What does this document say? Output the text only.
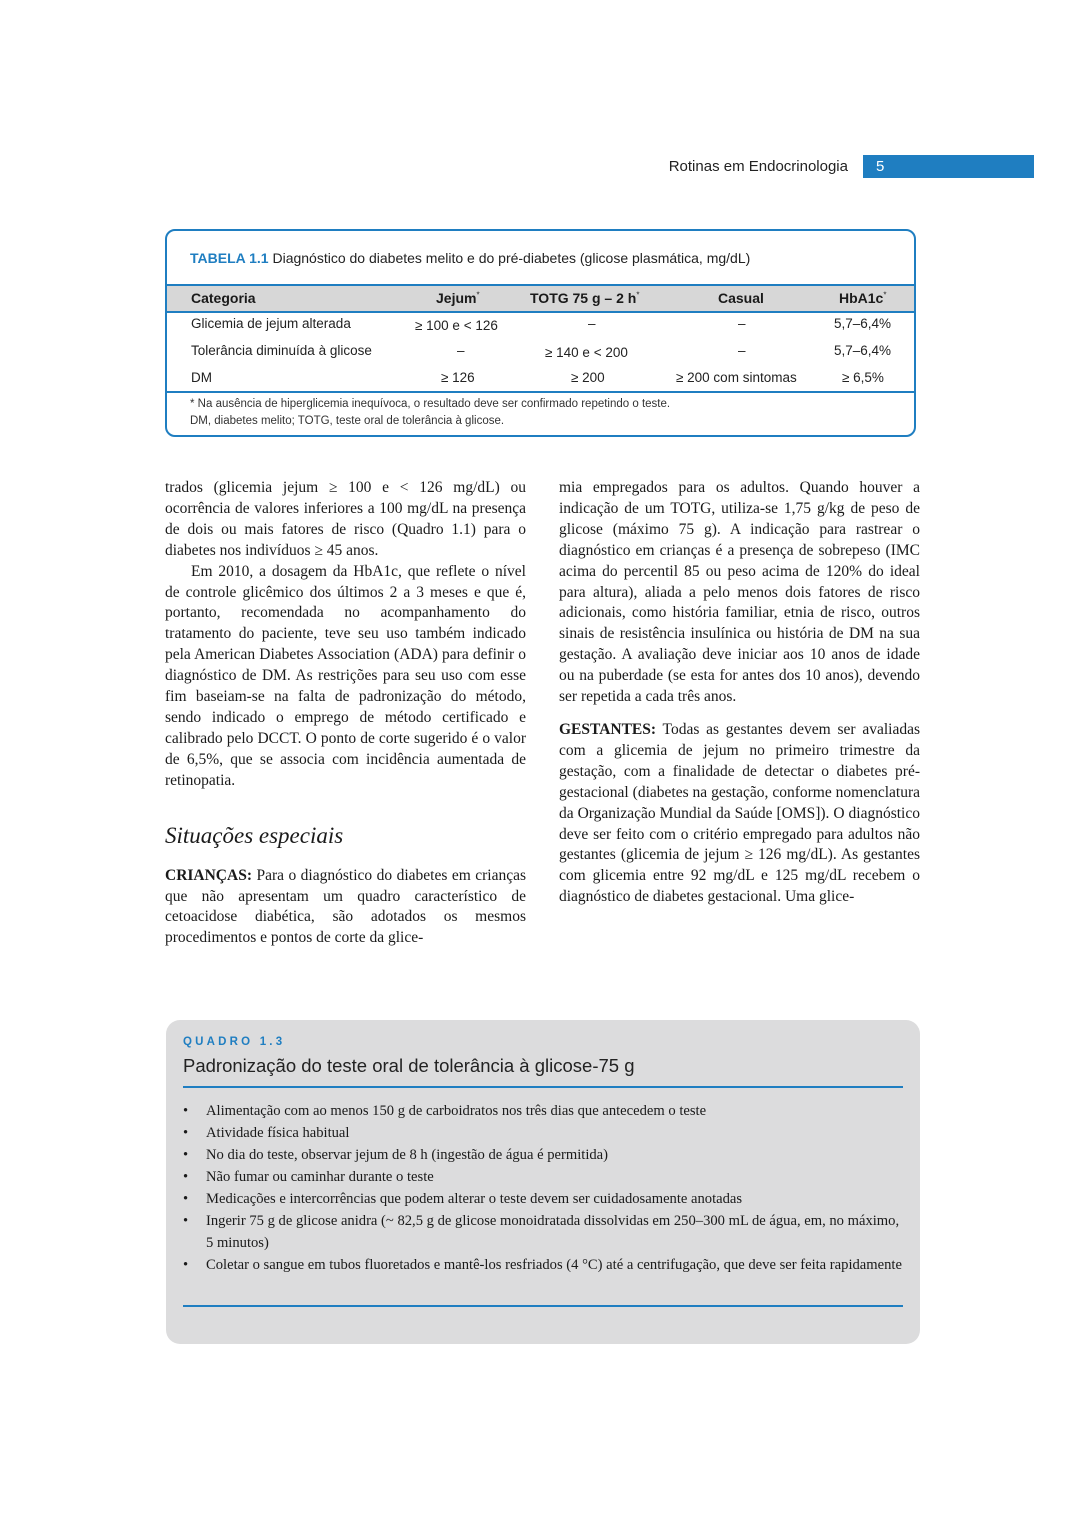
Rotinas em Endocrinologia 5
TABELA 1.1 Diagnóstico do diabetes melito e do pré-diabetes (glicose plasmática, mg/dL)
Categoria	Jejum*	TOTG 75 g – 2 h*	Casual	HbA1c*
Glicemia de jejum alterada	≥ 100 e < 126	–	–	5,7–6,4%
Tolerância diminuída à glicose	–	≥ 140 e < 200	–	5,7–6,4%
DM	≥ 126	≥ 200	≥ 200 com sintomas	≥ 6,5%
* Na ausência de hiperglicemia inequívoca, o resultado deve ser confirmado repetindo o teste.
DM, diabetes melito; TOTG, teste oral de tolerância à glicose.

trados (glicemia jejum ≥ 100 e < 126 mg/dL) ou ocorrência de valores inferiores a 100 mg/dL na presença de dois ou mais fatores de risco (Quadro 1.1) para o diabetes nos indivíduos ≥ 45 anos.

Em 2010, a dosagem da HbA1c, que reflete o nível de controle glicêmico dos últimos 2 a 3 meses e que é, portanto, recomendada no acompanhamento do tratamento do paciente, teve seu uso também indicado pela American Diabetes Association (ADA) para definir o diagnóstico de DM. As restrições para seu uso com esse fim baseiam-se na falta de padronização do método, sendo indicado o emprego de método certificado e calibrado pelo DCCT. O ponto de corte sugerido é o valor de 6,5%, que se associa com incidência aumentada de retinopatia.

Situações especiais

CRIANÇAS: Para o diagnóstico do diabetes em crianças que não apresentam um quadro característico de cetoacidose diabética, são adotados os mesmos procedimentos e pontos de corte da glice-

mia empregados para os adultos. Quando houver a indicação de um TOTG, utiliza-se 1,75 g/kg de peso de glicose (máximo 75 g). A indicação para rastrear o diagnóstico em crianças é a presença de sobrepeso (IMC acima do percentil 85 ou peso acima de 120% do ideal para altura), aliada a pelo menos dois fatores de risco adicionais, como história familiar, etnia de risco, outros sinais de resistência insulínica ou história de DM na sua gestação. A avaliação deve iniciar aos 10 anos de idade ou na puberdade (se esta for antes dos 10 anos), devendo ser repetida a cada três anos.

GESTANTES: Todas as gestantes devem ser avaliadas com a glicemia de jejum no primeiro trimestre da gestação, com a finalidade de detectar o diabetes pré-gestacional (diabetes na gestação, conforme nomenclatura da Organização Mundial da Saúde [OMS]). O diagnóstico deve ser feito com o critério empregado para adultos não gestantes (glicemia de jejum ≥ 126 mg/dL). As gestantes com glicemia entre 92 mg/dL e 125 mg/dL recebem o diagnóstico de diabetes gestacional. Uma glice-

QUADRO 1.3
Padronização do teste oral de tolerância à glicose-75 g
• Alimentação com ao menos 150 g de carboidratos nos três dias que antecedem o teste
• Atividade física habitual
• No dia do teste, observar jejum de 8 h (ingestão de água é permitida)
• Não fumar ou caminhar durante o teste
• Medicações e intercorrências que podem alterar o teste devem ser cuidadosamente anotadas
• Ingerir 75 g de glicose anidra (~ 82,5 g de glicose monoidratada dissolvidas em 250–300 mL de água, em, no máximo, 5 minutos)
• Coletar o sangue em tubos fluoretados e mantê-los resfriados (4 °C) até a centrifugação, que deve ser feita rapidamente
